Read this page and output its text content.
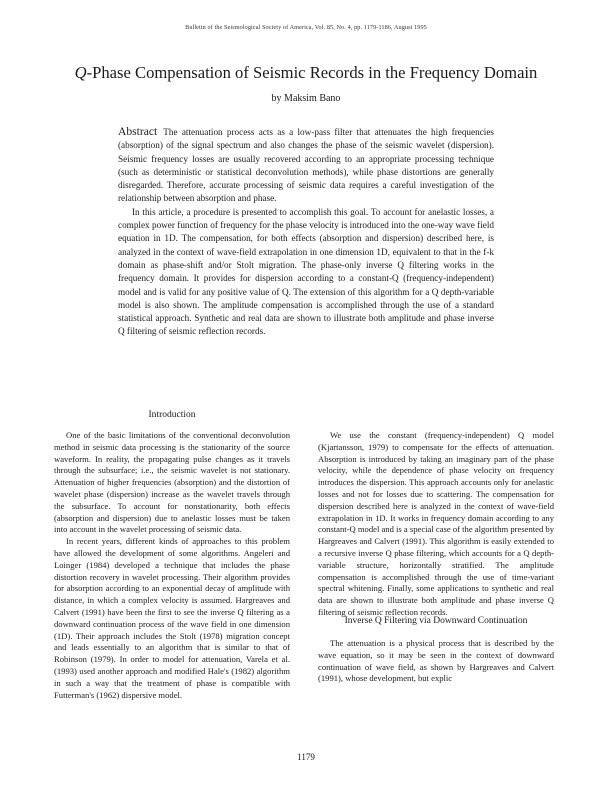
Bulletin of the Seismological Society of America, Vol. 85, No. 4, pp. 1179-1186, August 1995
Q-Phase Compensation of Seismic Records in the Frequency Domain
by Maksim Bano

Abstract The attenuation process acts as a low-pass filter that attenuates the high frequencies (absorption) of the signal spectrum and also changes the phase of the seismic wavelet (dispersion). Seismic frequency losses are usually recovered according to an appropriate processing technique (such as deterministic or statistical deconvolution methods), while phase distortions are generally disregarded. Therefore, accurate processing of seismic data requires a careful investigation of the relationship between absorption and phase.

In this article, a procedure is presented to accomplish this goal. To account for anelastic losses, a complex power function of frequency for the phase velocity is introduced into the one-way wave field equation in 1D. The compensation, for both effects (absorption and dispersion) described here, is analyzed in the context of wave-field extrapolation in one dimension 1D, equivalent to that in the f-k domain as phase-shift and/or Stolt migration. The phase-only inverse Q filtering works in the frequency domain. It provides for dispersion according to a constant-Q (frequency-independent) model and is valid for any positive value of Q. The extension of this algorithm for a Q depth-variable model is also shown. The amplitude compensation is accomplished through the use of a standard statistical approach. Synthetic and real data are shown to illustrate both amplitude and phase inverse Q filtering of seismic reflection records.

Introduction

One of the basic limitations of the conventional deconvolution method in seismic data processing is the stationarity of the source waveform. In reality, the propagating pulse changes as it travels through the subsurface; i.e., the seismic wavelet is not stationary. Attenuation of higher frequencies (absorption) and the distortion of wavelet phase (dispersion) increase as the wavelet travels through the subsurface. To account for nonstationarity, both effects (absorption and dispersion) due to anelastic losses must be taken into account in the wavelet processing of seismic data.

In recent years, different kinds of approaches to this problem have allowed the development of some algorithms. Angeleri and Loinger (1984) developed a technique that includes the phase distortion recovery in wavelet processing. Their algorithm provides for absorption according to an exponential decay of amplitude with distance, in which a complex velocity is assumed. Hargreaves and Calvert (1991) have been the first to see the inverse Q filtering as a downward continuation process of the wave field in one dimension (1D). Their approach includes the Stolt (1978) migration concept and leads essentially to an algorithm that is similar to that of Robinson (1979). In order to model for attenuation, Varela et al. (1993) used another approach and modified Hale's (1982) algorithm in such a way that the treatment of phase is compatible with Futterman's (1962) dispersive model.

We use the constant (frequency-independent) Q model (Kjartansson, 1979) to compensate for the effects of attenuation. Absorption is introduced by taking an imaginary part of the phase velocity, while the dependence of phase velocity on frequency introduces the dispersion. This approach accounts only for anelastic losses and not for losses due to scattering. The compensation for dispersion described here is analyzed in the context of wave-field extrapolation in 1D. It works in frequency domain according to any constant-Q model and is a special case of the algorithm presented by Hargreaves and Calvert (1991). This algorithm is easily extended to a recursive inverse Q phase filtering, which accounts for a Q depth-variable structure, horizontally stratified. The amplitude compensation is accomplished through the use of time-variant spectral whitening. Finally, some applications to synthetic and real data are shown to illustrate both amplitude and phase inverse Q filtering of seismic reflection records.

Inverse Q Filtering via Downward Continuation

The attenuation is a physical process that is described by the wave equation, so it may be seen in the context of downward continuation of wave field, as shown by Hargreaves and Calvert (1991), whose development, but explic

1179
